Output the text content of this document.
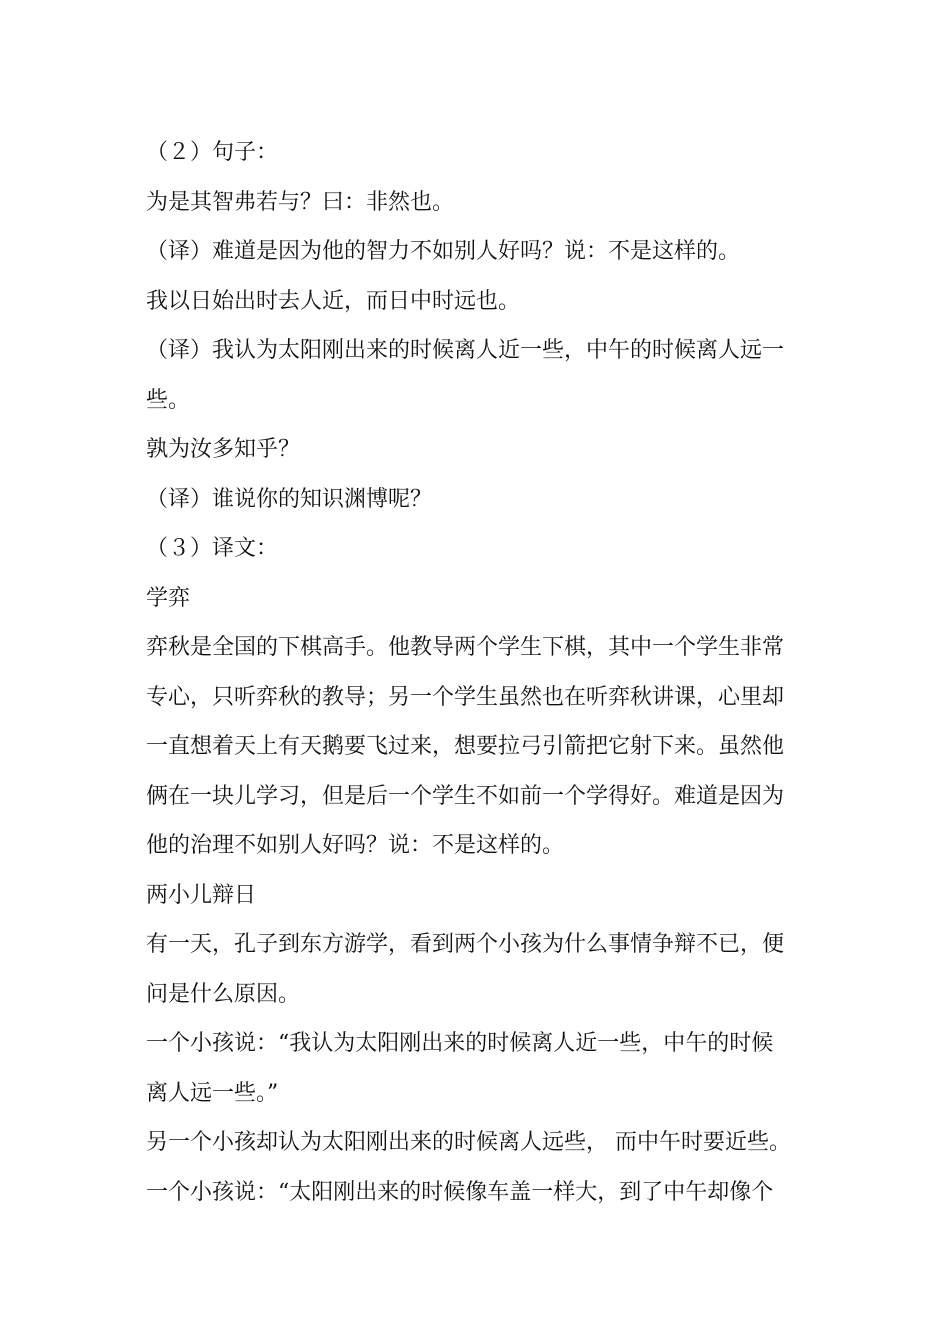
（２）句子：
为是其智弗若与？曰：非然也。
（译）难道是因为他的智力不如别人好吗？说：不是这样的。
我以日始出时去人近，而日中时远也。
（译）我认为太阳刚出来的时候离人近一些，中午的时候离人远一
些。
孰为汝多知乎？
（译）谁说你的知识渊博呢？
（３）译文：
学弈
弈秋是全国的下棋高手。他教导两个学生下棋，其中一个学生非常
专心，只听弈秋的教导；另一个学生虽然也在听弈秋讲课，心里却
一直想着天上有天鹅要飞过来，想要拉弓引箭把它射下来。虽然他
俩在一块儿学习，但是后一个学生不如前一个学得好。难道是因为
他的治理不如别人好吗？说：不是这样的。
两小儿辩日
有一天，孔子到东方游学，看到两个小孩为什么事情争辩不已，便
问是什么原因。
一个小孩说：“我认为太阳刚出来的时候离人近一些，中午的时候
离人远一些。”
另一个小孩却认为太阳刚出来的时候离人远些， 而中午时要近些。
一个小孩说：“太阳刚出来的时候像车盖一样大，到了中午却像个
